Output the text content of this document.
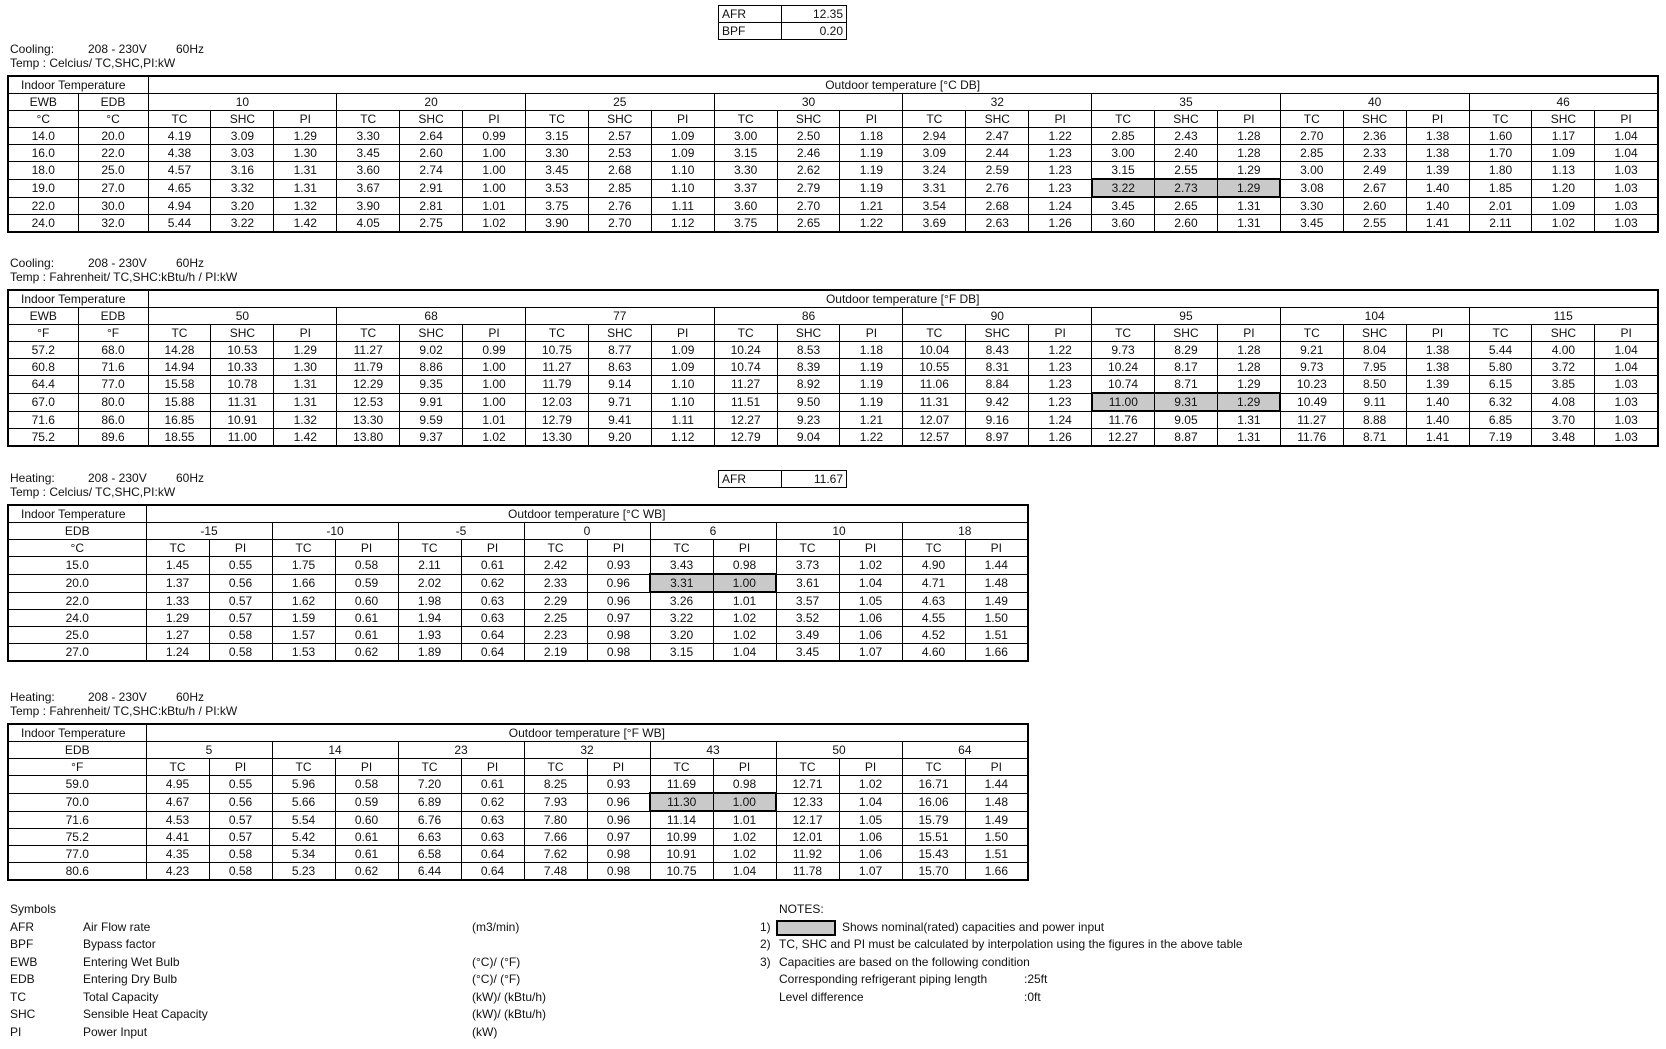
AFR	12.35
BPF	0.20
AFR	11.67
Cooling:	208 - 230V 60Hz
Temp : Celcius/ TC,SHC,PI:kW
Cooling:	208 - 230V 60Hz
Temp : Fahrenheit/ TC,SHC:kBtu/h / PI:kW
Heating:	208 - 230V 60Hz
Temp : Celcius/ TC,SHC,PI:kW
Heating:	208 - 230V 60Hz
Temp : Fahrenheit/ TC,SHC:kBtu/h / PI:kW
Indoor Temperature		Outdoor temperature [°C DB]																							
EWB	EDB	10			20			25			30			32			35			40			46		
°C	°C	TC	SHC	PI	TC	SHC	PI	TC	SHC	PI	TC	SHC	PI	TC	SHC	PI	TC	SHC	PI	TC	SHC	PI	TC	SHC	PI
14.0	20.0	4.19	3.09	1.29	3.30	2.64	0.99	3.15	2.57	1.09	3.00	2.50	1.18	2.94	2.47	1.22	2.85	2.43	1.28	2.70	2.36	1.38	1.60	1.17	1.04
16.0	22.0	4.38	3.03	1.30	3.45	2.60	1.00	3.30	2.53	1.09	3.15	2.46	1.19	3.09	2.44	1.23	3.00	2.40	1.28	2.85	2.33	1.38	1.70	1.09	1.04
18.0	25.0	4.57	3.16	1.31	3.60	2.74	1.00	3.45	2.68	1.10	3.30	2.62	1.19	3.24	2.59	1.23	3.15	2.55	1.29	3.00	2.49	1.39	1.80	1.13	1.03
19.0	27.0	4.65	3.32	1.31	3.67	2.91	1.00	3.53	2.85	1.10	3.37	2.79	1.19	3.31	2.76	1.23	3.22	2.73	1.29	3.08	2.67	1.40	1.85	1.20	1.03
22.0	30.0	4.94	3.20	1.32	3.90	2.81	1.01	3.75	2.76	1.11	3.60	2.70	1.21	3.54	2.68	1.24	3.45	2.65	1.31	3.30	2.60	1.40	2.01	1.09	1.03
24.0	32.0	5.44	3.22	1.42	4.05	2.75	1.02	3.90	2.70	1.12	3.75	2.65	1.22	3.69	2.63	1.26	3.60	2.60	1.31	3.45	2.55	1.41	2.11	1.02	1.03
Indoor Temperature		Outdoor temperature [°F DB]																							
EWB	EDB	50			68			77			86			90			95			104			115		
°F	°F	TC	SHC	PI	TC	SHC	PI	TC	SHC	PI	TC	SHC	PI	TC	SHC	PI	TC	SHC	PI	TC	SHC	PI	TC	SHC	PI
57.2	68.0	14.28	10.53	1.29	11.27	9.02	0.99	10.75	8.77	1.09	10.24	8.53	1.18	10.04	8.43	1.22	9.73	8.29	1.28	9.21	8.04	1.38	5.44	4.00	1.04
60.8	71.6	14.94	10.33	1.30	11.79	8.86	1.00	11.27	8.63	1.09	10.74	8.39	1.19	10.55	8.31	1.23	10.24	8.17	1.28	9.73	7.95	1.38	5.80	3.72	1.04
64.4	77.0	15.58	10.78	1.31	12.29	9.35	1.00	11.79	9.14	1.10	11.27	8.92	1.19	11.06	8.84	1.23	10.74	8.71	1.29	10.23	8.50	1.39	6.15	3.85	1.03
67.0	80.0	15.88	11.31	1.31	12.53	9.91	1.00	12.03	9.71	1.10	11.51	9.50	1.19	11.31	9.42	1.23	11.00	9.31	1.29	10.49	9.11	1.40	6.32	4.08	1.03
71.6	86.0	16.85	10.91	1.32	13.30	9.59	1.01	12.79	9.41	1.11	12.27	9.23	1.21	12.07	9.16	1.24	11.76	9.05	1.31	11.27	8.88	1.40	6.85	3.70	1.03
75.2	89.6	18.55	11.00	1.42	13.80	9.37	1.02	13.30	9.20	1.12	12.79	9.04	1.22	12.57	8.97	1.26	12.27	8.87	1.31	11.76	8.71	1.41	7.19	3.48	1.03
Indoor Temperature	Outdoor temperature [°C WB]													
EDB	-15		-10		-5		0		6		10		18	
°C	TC	PI	TC	PI	TC	PI	TC	PI	TC	PI	TC	PI	TC	PI
15.0	1.45	0.55	1.75	0.58	2.11	0.61	2.42	0.93	3.43	0.98	3.73	1.02	4.90	1.44
20.0	1.37	0.56	1.66	0.59	2.02	0.62	2.33	0.96	3.31	1.00	3.61	1.04	4.71	1.48
22.0	1.33	0.57	1.62	0.60	1.98	0.63	2.29	0.96	3.26	1.01	3.57	1.05	4.63	1.49
24.0	1.29	0.57	1.59	0.61	1.94	0.63	2.25	0.97	3.22	1.02	3.52	1.06	4.55	1.50
25.0	1.27	0.58	1.57	0.61	1.93	0.64	2.23	0.98	3.20	1.02	3.49	1.06	4.52	1.51
27.0	1.24	0.58	1.53	0.62	1.89	0.64	2.19	0.98	3.15	1.04	3.45	1.07	4.60	1.66
Indoor Temperature	Outdoor temperature [°F WB]													
EDB	5		14		23		32		43		50		64	
°F	TC	PI	TC	PI	TC	PI	TC	PI	TC	PI	TC	PI	TC	PI
59.0	4.95	0.55	5.96	0.58	7.20	0.61	8.25	0.93	11.69	0.98	12.71	1.02	16.71	1.44
70.0	4.67	0.56	5.66	0.59	6.89	0.62	7.93	0.96	11.30	1.00	12.33	1.04	16.06	1.48
71.6	4.53	0.57	5.54	0.60	6.76	0.63	7.80	0.96	11.14	1.01	12.17	1.05	15.79	1.49
75.2	4.41	0.57	5.42	0.61	6.63	0.63	7.66	0.97	10.99	1.02	12.01	1.06	15.51	1.50
77.0	4.35	0.58	5.34	0.61	6.58	0.64	7.62	0.98	10.91	1.02	11.92	1.06	15.43	1.51
80.6	4.23	0.58	5.23	0.62	6.44	0.64	7.48	0.98	10.75	1.04	11.78	1.07	15.70	1.66
Symbols
AFR	Air Flow rate	(m3/min)
BPF	Bypass factor
EWB	Entering Wet Bulb	(°C)/ (°F)
EDB	Entering Dry Bulb	(°C)/ (°F)
TC	Total Capacity	(kW)/ (kBtu/h)
SHC	Sensible Heat Capacity	(kW)/ (kBtu/h)
PI	Power Input	(kW)
NOTES:
1)	Shows nominal(rated) capacities and power input
2) TC, SHC and PI must be calculated by interpolation using the figures in the above table
3) Capacities are based on the following condition
Corresponding refrigerant piping length	:25ft
Level difference	:0ft
